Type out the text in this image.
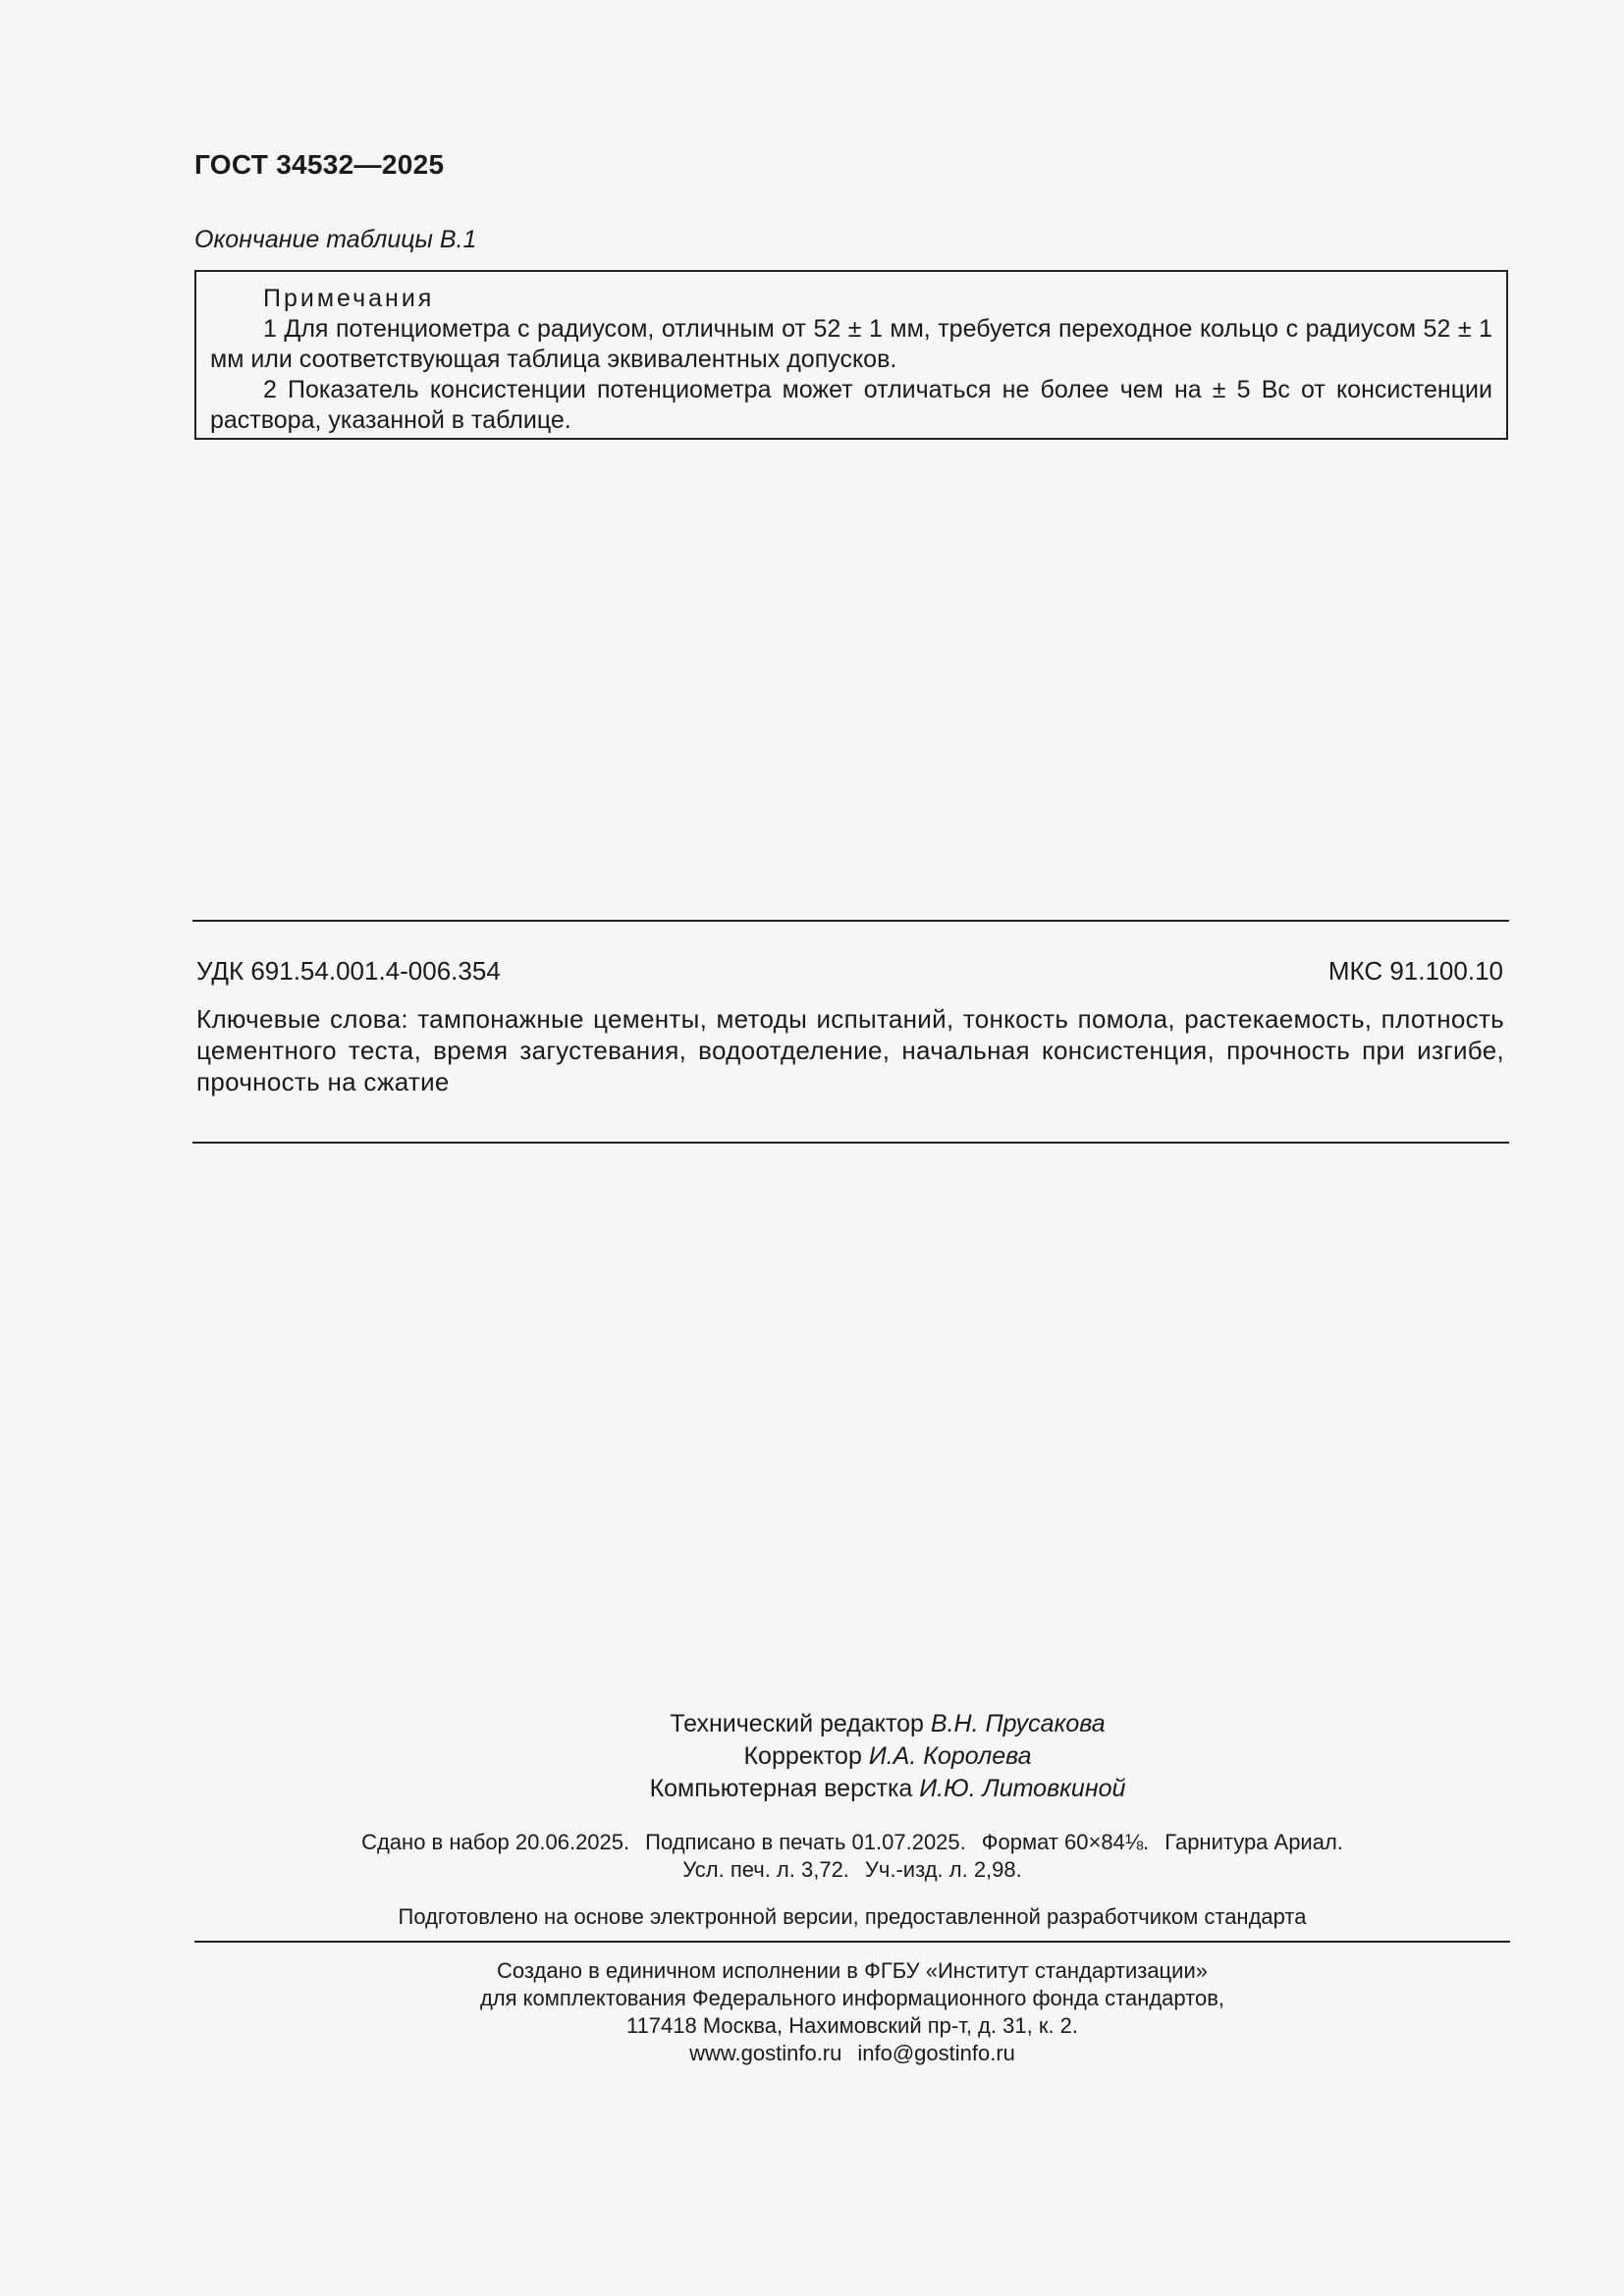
ГОСТ 34532—2025
Окончание таблицы В.1

Примечания

1 Для потенциометра с радиусом, отличным от 52 ± 1 мм, требуется переходное кольцо с радиусом 52 ± 1 мм или соответствующая таблица эквивалентных допусков.

2 Показатель консистенции потенциометра может отличаться не более чем на ± 5 Вс от консистенции раствора, указанной в таблице.

УДК 691.54.001.4-006.354	МКС 91.100.10
Ключевые слова: тампонажные цементы, методы испытаний, тонкость помола, растекаемость, плотность цементного теста, время загустевания, водоотделение, начальная консистенция, прочность при изгибе, прочность на сжатие
Технический редактор В.Н. Прусакова
Корректор И.А. Королева
Компьютерная верстка И.Ю. Литовкиной
Сдано в набор 20.06.2025. Подписано в печать 01.07.2025. Формат 60×84⅛. Гарнитура Ариал.
Усл. печ. л. 3,72. Уч.-изд. л. 2,98.
Подготовлено на основе электронной версии, предоставленной разработчиком стандарта
Создано в единичном исполнении в ФГБУ «Институт стандартизации»
для комплектования Федерального информационного фонда стандартов,
117418 Москва, Нахимовский пр-т, д. 31, к. 2.
www.gostinfo.ru info@gostinfo.ru
